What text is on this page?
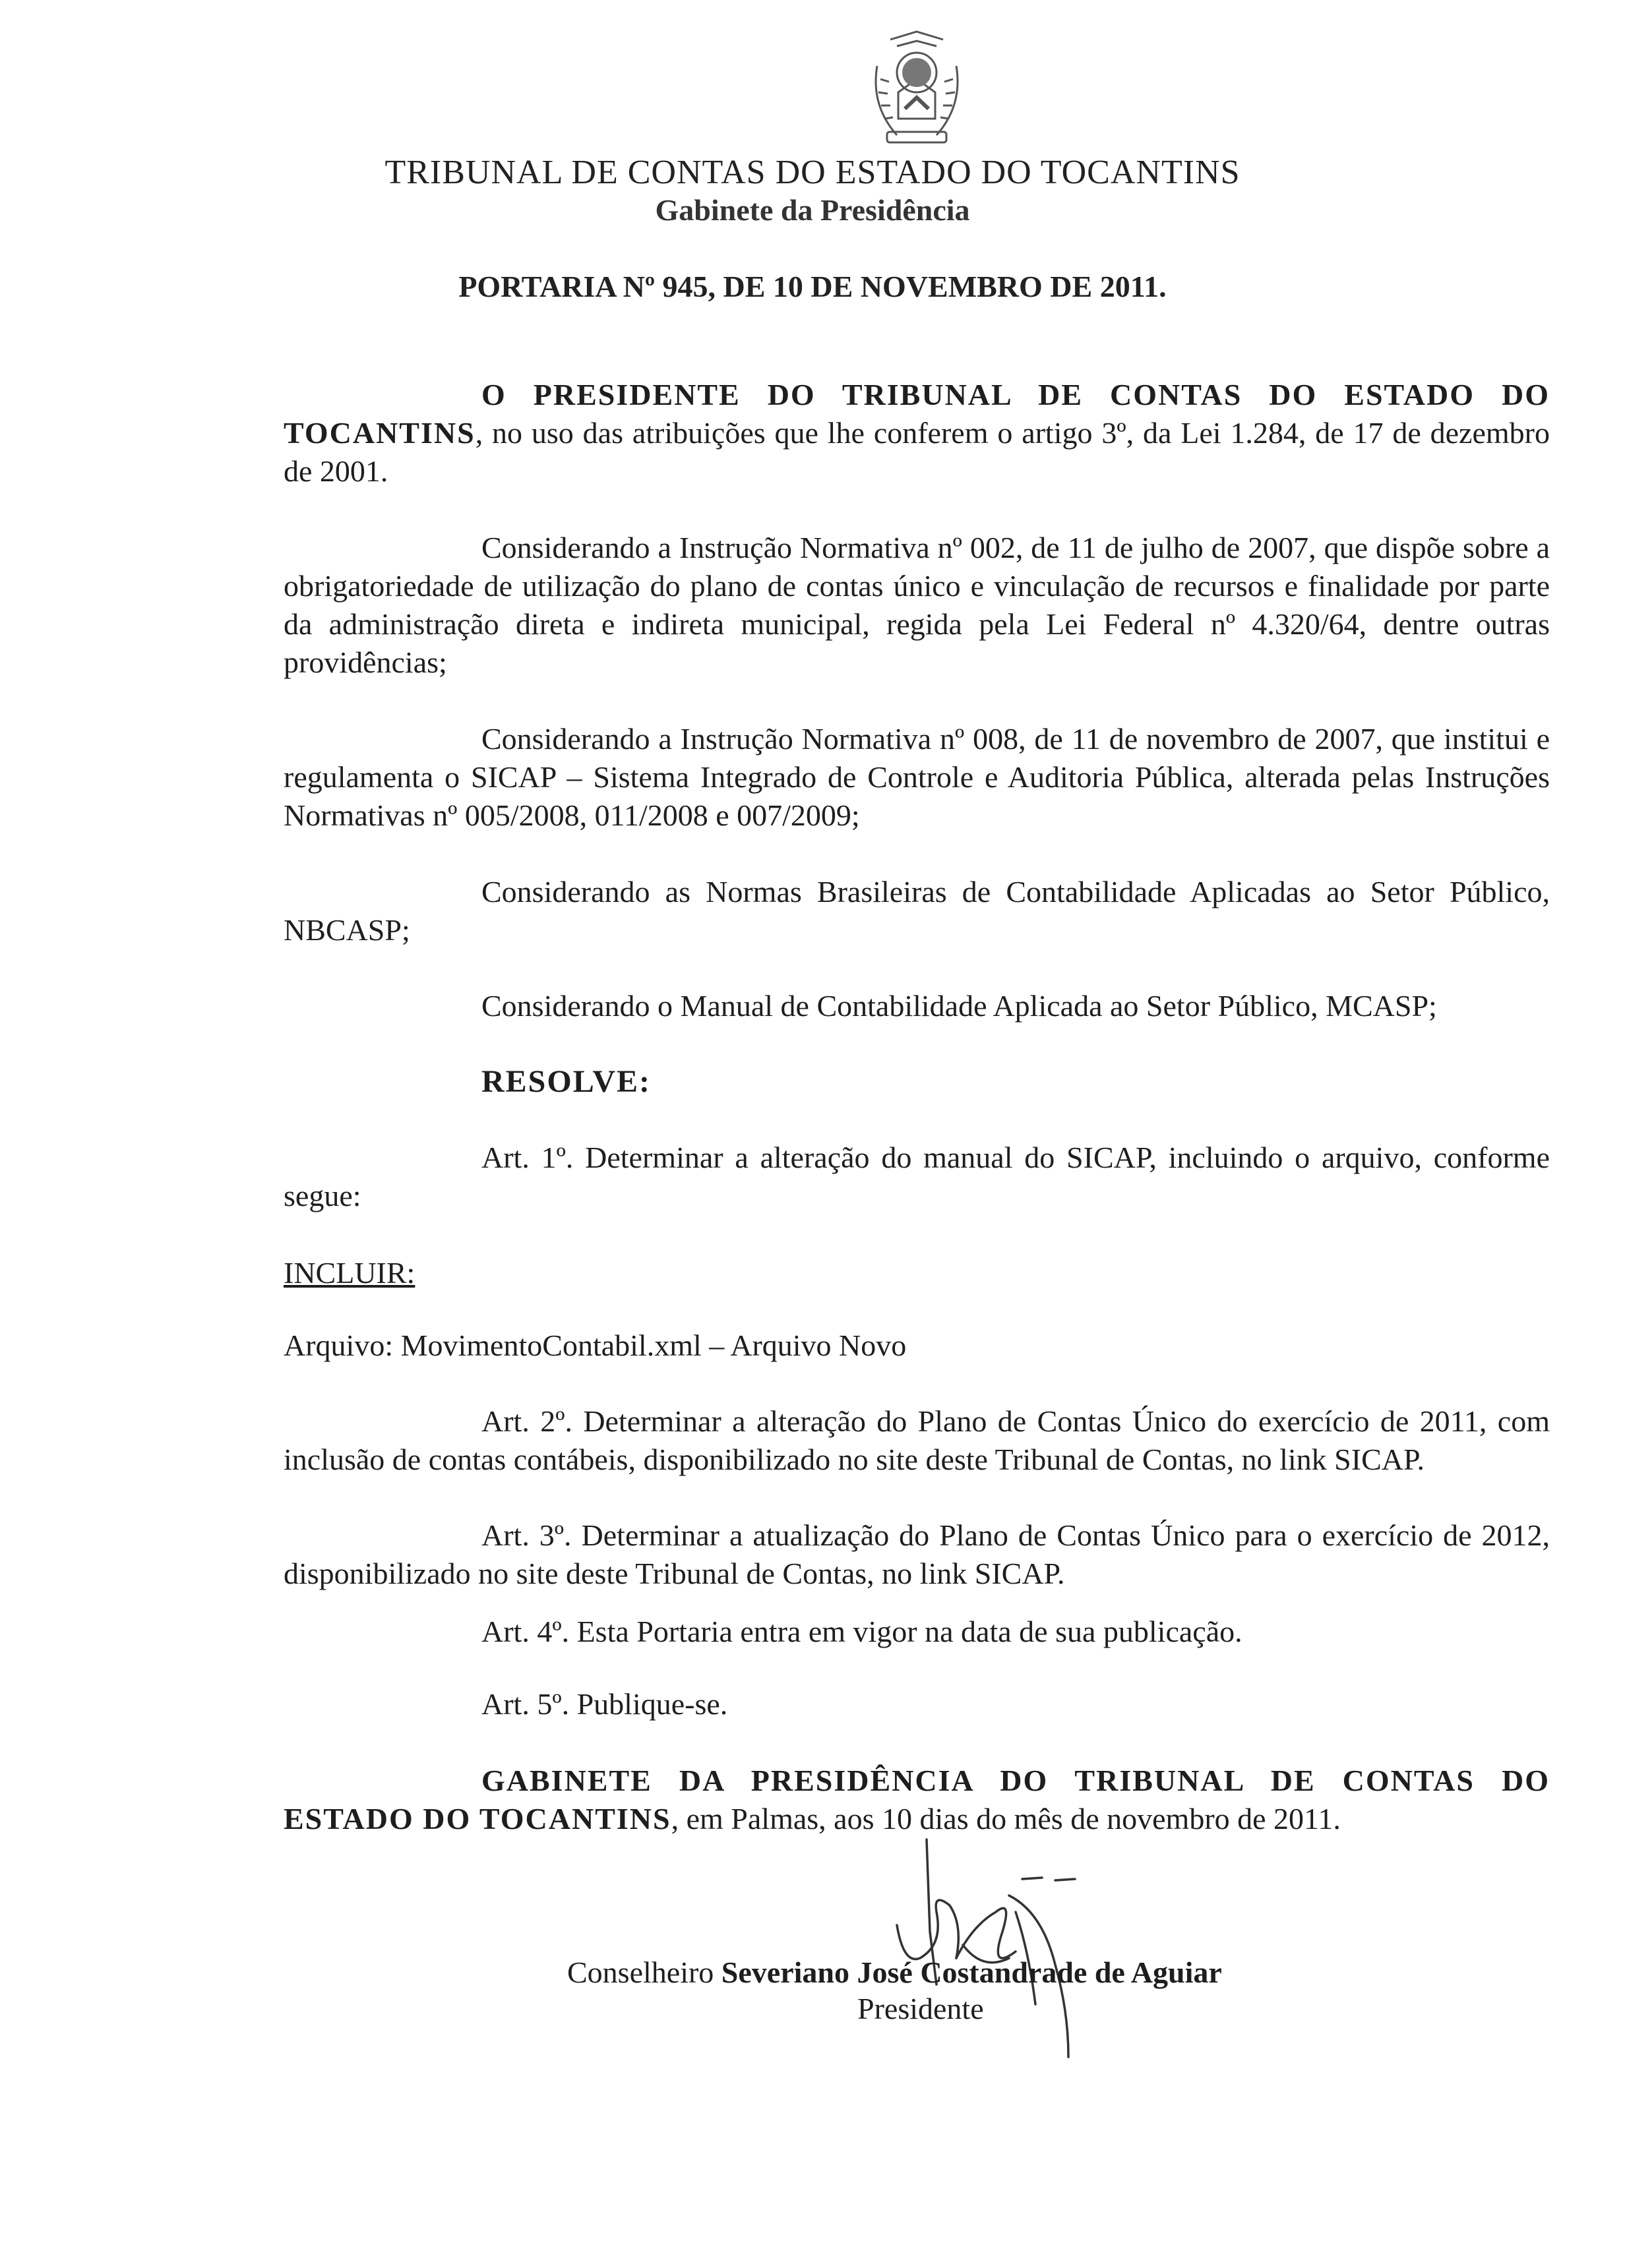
TRIBUNAL DE CONTAS DO ESTADO DO TOCANTINS
Gabinete da Presidência
PORTARIA Nº 945, DE 10 DE NOVEMBRO DE 2011.
O PRESIDENTE DO TRIBUNAL DE CONTAS DO ESTADO DO TOCANTINS, no uso das atribuições que lhe conferem o artigo 3º, da Lei 1.284, de 17 de dezembro de 2001.
Considerando a Instrução Normativa nº 002, de 11 de julho de 2007, que dispõe sobre a obrigatoriedade de utilização do plano de contas único e vinculação de recursos e finalidade por parte da administração direta e indireta municipal, regida pela Lei Federal nº 4.320/64, dentre outras providências;
Considerando a Instrução Normativa nº 008, de 11 de novembro de 2007, que institui e regulamenta o SICAP – Sistema Integrado de Controle e Auditoria Pública, alterada pelas Instruções Normativas nº 005/2008, 011/2008 e 007/2009;
Considerando as Normas Brasileiras de Contabilidade Aplicadas ao Setor Público, NBCASP;
Considerando o Manual de Contabilidade Aplicada ao Setor Público, MCASP;
RESOLVE:
Art. 1º. Determinar a alteração do manual do SICAP, incluindo o arquivo, conforme segue:
INCLUIR:
Arquivo: MovimentoContabil.xml – Arquivo Novo
Art. 2º. Determinar a alteração do Plano de Contas Único do exercício de 2011, com inclusão de contas contábeis, disponibilizado no site deste Tribunal de Contas, no link SICAP.
Art. 3º. Determinar a atualização do Plano de Contas Único para o exercício de 2012, disponibilizado no site deste Tribunal de Contas, no link SICAP.
Art. 4º. Esta Portaria entra em vigor na data de sua publicação.
Art. 5º. Publique-se.
GABINETE DA PRESIDÊNCIA DO TRIBUNAL DE CONTAS DO ESTADO DO TOCANTINS, em Palmas, aos 10 dias do mês de novembro de 2011.
Conselheiro Severiano José Costandrade de Aguiar
Presidente
